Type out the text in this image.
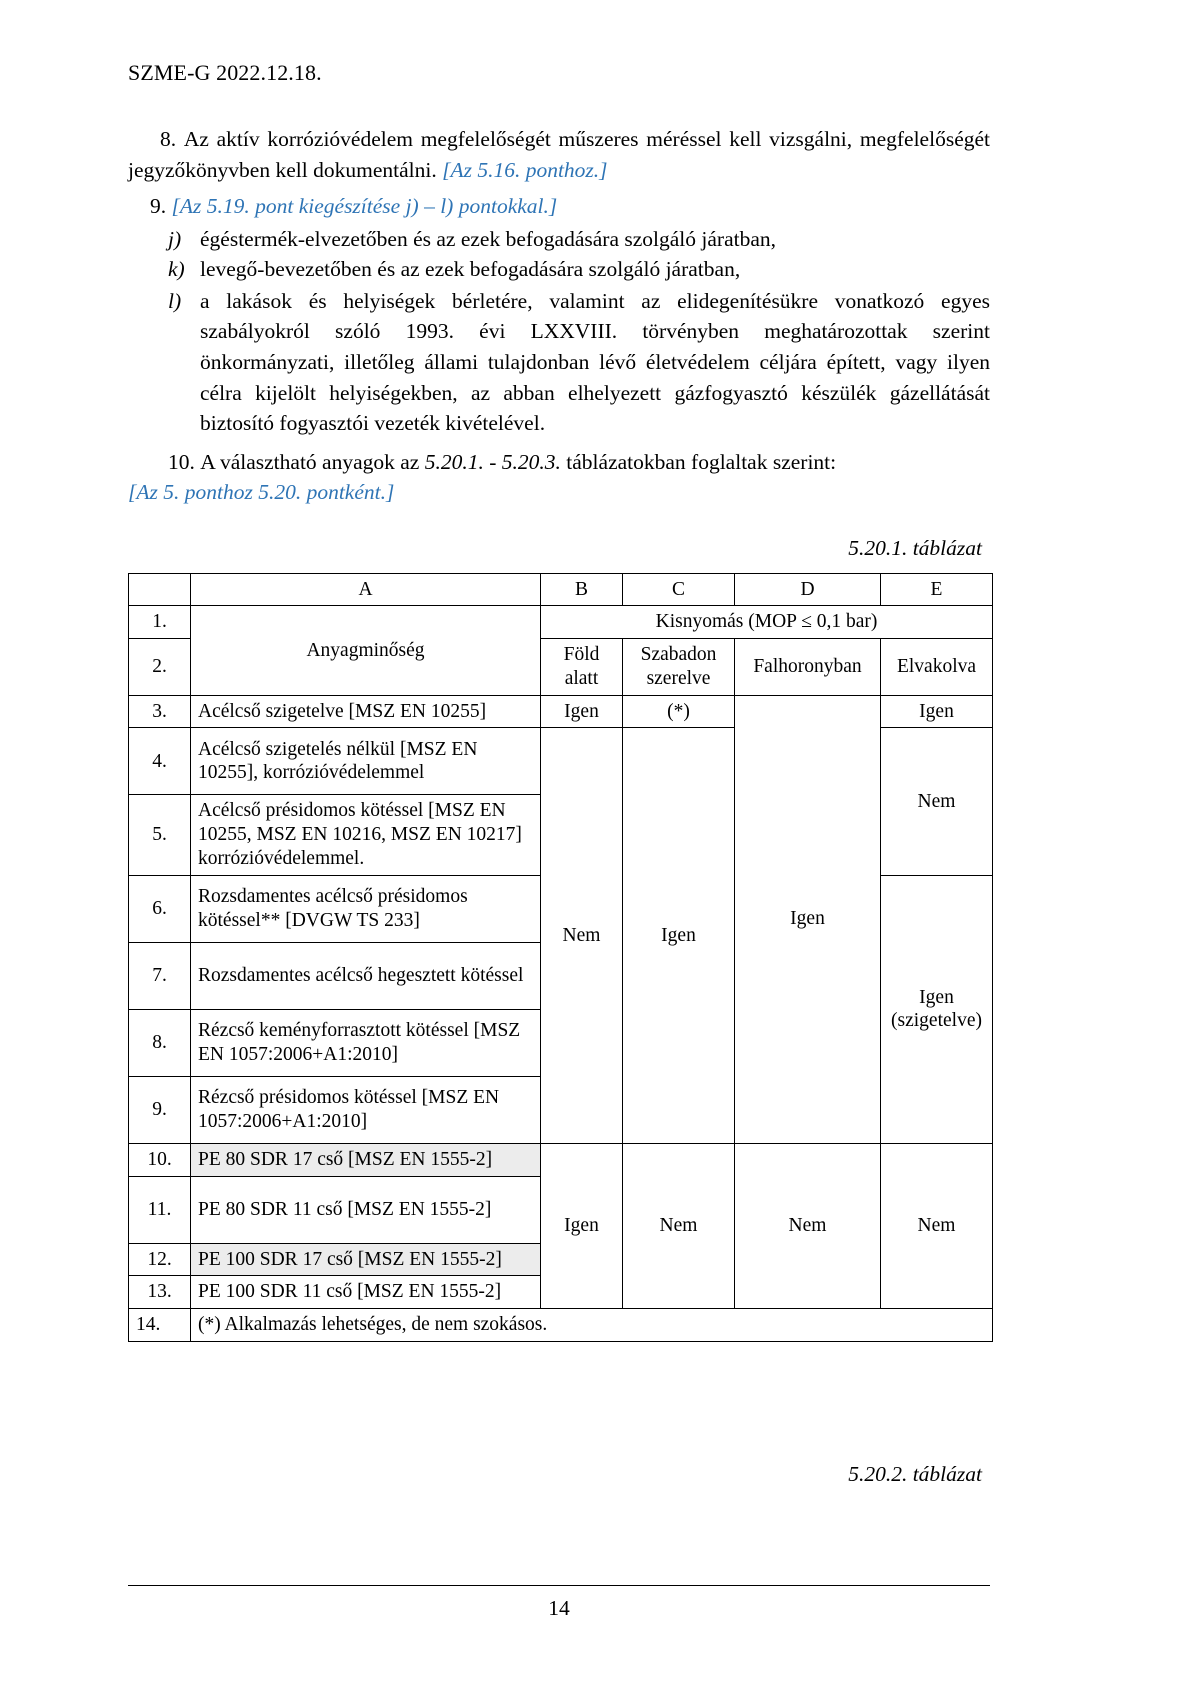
SZME-G 2022.12.18.

8. Az aktív korrózióvédelem megfelelőségét műszeres méréssel kell vizsgálni, megfelelőségét jegyzőkönyvben kell dokumentálni. [Az 5.16. ponthoz.]

9. [Az 5.19. pont kiegészítése j) – l) pontokkal.]

j) égéstermék-elvezetőben és az ezek befogadására szolgáló járatban,
k) levegő-bevezetőben és az ezek befogadására szolgáló járatban,
l) a lakások és helyiségek bérletére, valamint az elidegenítésükre vonatkozó egyes szabályokról szóló 1993. évi LXXVIII. törvényben meghatározottak szerint önkormányzati, illetőleg állami tulajdonban lévő életvédelem céljára épített, vagy ilyen célra kijelölt helyiségekben, az abban elhelyezett gázfogyasztó készülék gázellátását biztosító fogyasztói vezeték kivételével.

10. A választható anyagok az 5.20.1. - 5.20.3. táblázatokban foglaltak szerint:

[Az 5. ponthoz 5.20. pontként.]

5.20.1. táblázat
	A	B	C	D	E
1.	Anyagminőség	Kisnyomás (MOP ≤ 0,1 bar)			
2.		Föld alatt	Szabadon szerelve	Falhoronyban	Elvakolva
3.	Acélcső szigetelve [MSZ EN 10255]	Igen	(*)	Igen	Igen
4.	Acélcső szigetelés nélkül [MSZ EN 10255], korrózióvédelemmel	Nem	Igen		Nem
5.	Acélcső présidomos kötéssel [MSZ EN 10255, MSZ EN 10216, MSZ EN 10217] korrózióvédelemmel.				
6.	Rozsdamentes acélcső présidomos kötéssel** [DVGW TS 233]				Igen
(szigetelve)
7.	Rozsdamentes acélcső hegesztett kötéssel				
8.	Rézcső keményforrasztott kötéssel [MSZ EN 1057:2006+A1:2010]				
9.	Rézcső présidomos kötéssel [MSZ EN 1057:2006+A1:2010]				
10.	PE 80 SDR 17 cső [MSZ EN 1555-2]	Igen	Nem	Nem	Nem
11.	PE 80 SDR 11 cső [MSZ EN 1555-2]				
12.	PE 100 SDR 17 cső [MSZ EN 1555-2]				
13.	PE 100 SDR 11 cső [MSZ EN 1555-2]				
14.	(*) Alkalmazás lehetséges, de nem szokásos.				
5.20.2. táblázat
14
